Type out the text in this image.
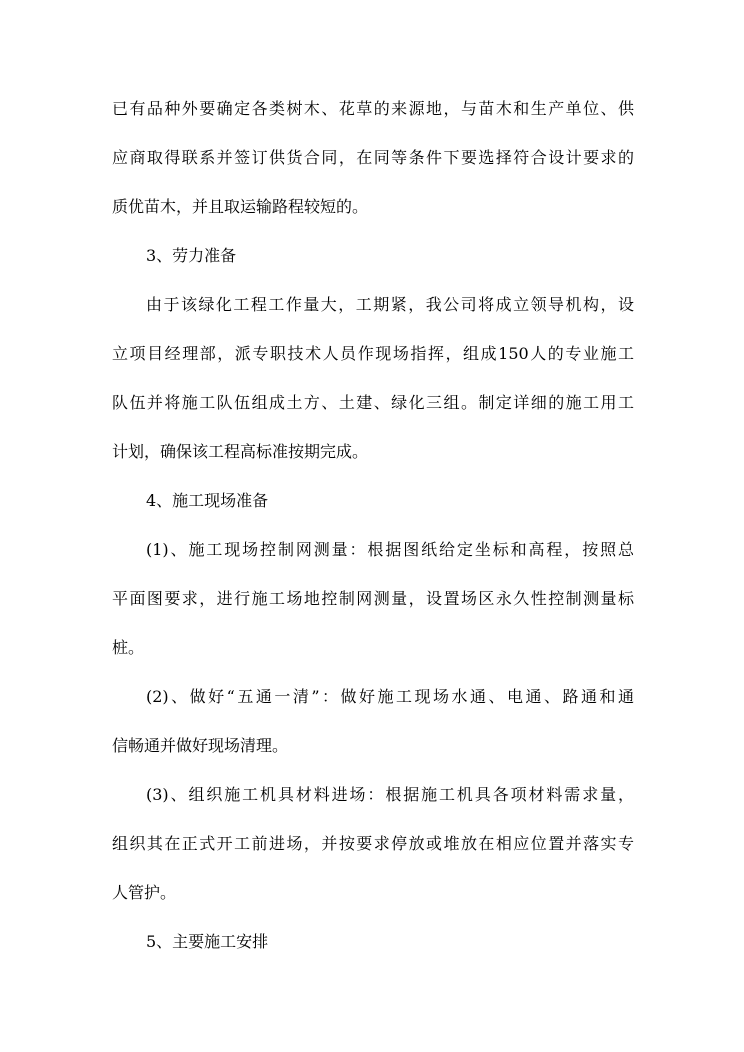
已有品种外要确定各类树木、花草的来源地，与苗木和生产单位、供
应商取得联系并签订供货合同，在同等条件下要选择符合设计要求的
质优苗木，并且取运输路程较短的。
3、劳力准备
由于该绿化工程工作量大，工期紧，我公司将成立领导机构，设
立项目经理部，派专职技术人员作现场指挥，组成150人的专业施工
队伍并将施工队伍组成土方、土建、绿化三组。制定详细的施工用工
计划，确保该工程高标准按期完成。
4、施工现场准备
(1)、施工现场控制网测量：根据图纸给定坐标和高程，按照总
平面图要求，进行施工场地控制网测量，设置场区永久性控制测量标
桩。
(2)、做好“五通一清”：做好施工现场水通、电通、路通和通
信畅通并做好现场清理。
(3)、组织施工机具材料进场：根据施工机具各项材料需求量，
组织其在正式开工前进场，并按要求停放或堆放在相应位置并落实专
人管护。
5、主要施工安排
